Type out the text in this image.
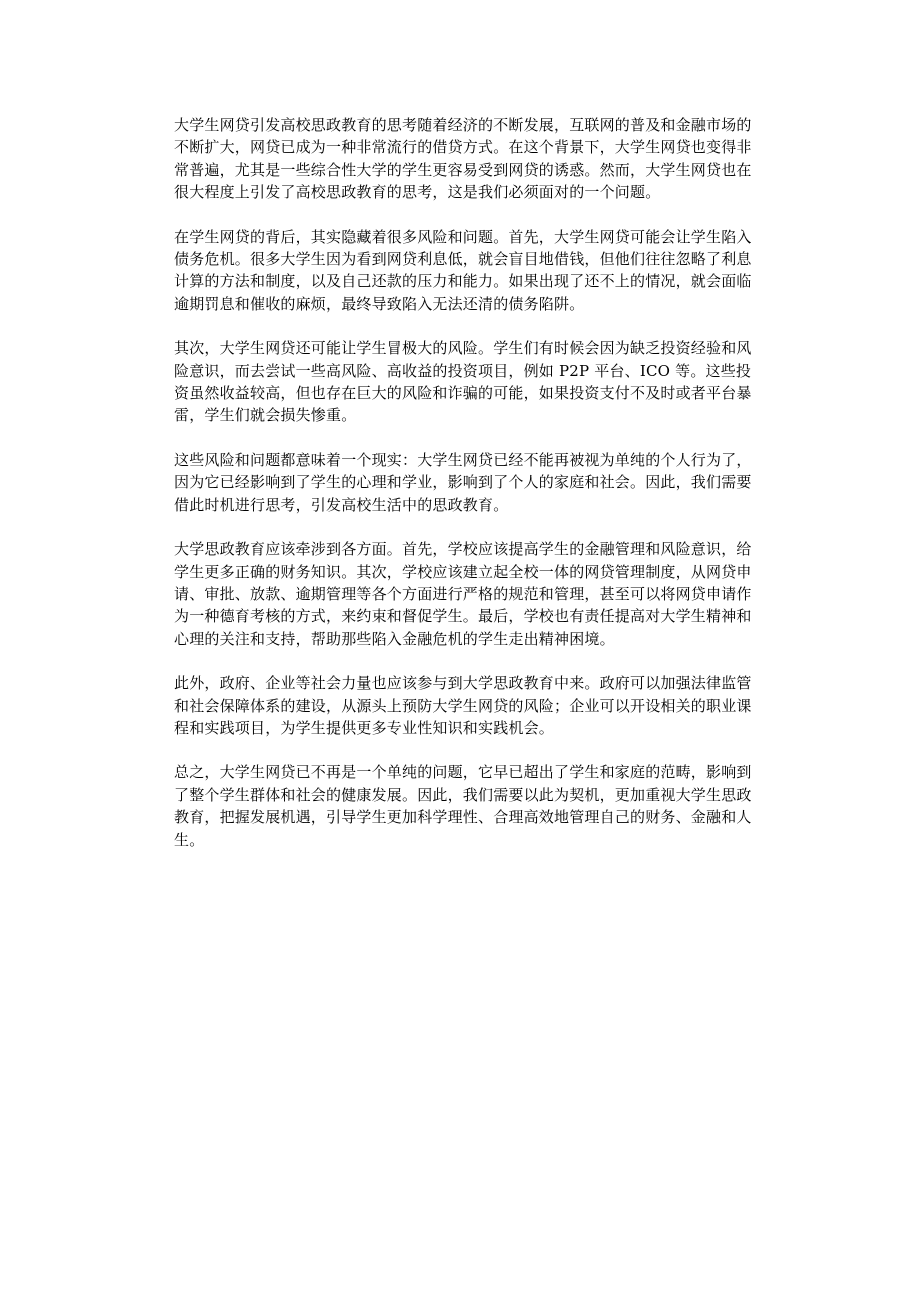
大学生网贷引发高校思政教育的思考随着经济的不断发展，互联网的普及和金融市场的不断扩大，网贷已成为一种非常流行的借贷方式。在这个背景下，大学生网贷也变得非常普遍，尤其是一些综合性大学的学生更容易受到网贷的诱惑。然而，大学生网贷也在很大程度上引发了高校思政教育的思考，这是我们必须面对的一个问题。

在学生网贷的背后，其实隐藏着很多风险和问题。首先，大学生网贷可能会让学生陷入债务危机。很多大学生因为看到网贷利息低，就会盲目地借钱，但他们往往忽略了利息计算的方法和制度，以及自己还款的压力和能力。如果出现了还不上的情况，就会面临逾期罚息和催收的麻烦，最终导致陷入无法还清的债务陷阱。

其次，大学生网贷还可能让学生冒极大的风险。学生们有时候会因为缺乏投资经验和风险意识，而去尝试一些高风险、高收益的投资项目，例如 P2P 平台、ICO 等。这些投资虽然收益较高，但也存在巨大的风险和诈骗的可能，如果投资支付不及时或者平台暴雷，学生们就会损失惨重。

这些风险和问题都意味着一个现实：大学生网贷已经不能再被视为单纯的个人行为了，因为它已经影响到了学生的心理和学业，影响到了个人的家庭和社会。因此，我们需要借此时机进行思考，引发高校生活中的思政教育。

大学思政教育应该牵涉到各方面。首先，学校应该提高学生的金融管理和风险意识，给学生更多正确的财务知识。其次，学校应该建立起全校一体的网贷管理制度，从网贷申请、审批、放款、逾期管理等各个方面进行严格的规范和管理，甚至可以将网贷申请作为一种德育考核的方式，来约束和督促学生。最后，学校也有责任提高对大学生精神和心理的关注和支持，帮助那些陷入金融危机的学生走出精神困境。

此外，政府、企业等社会力量也应该参与到大学思政教育中来。政府可以加强法律监管和社会保障体系的建设，从源头上预防大学生网贷的风险；企业可以开设相关的职业课程和实践项目，为学生提供更多专业性知识和实践机会。

总之，大学生网贷已不再是一个单纯的问题，它早已超出了学生和家庭的范畴，影响到了整个学生群体和社会的健康发展。因此，我们需要以此为契机，更加重视大学生思政教育，把握发展机遇，引导学生更加科学理性、合理高效地管理自己的财务、金融和人生。
